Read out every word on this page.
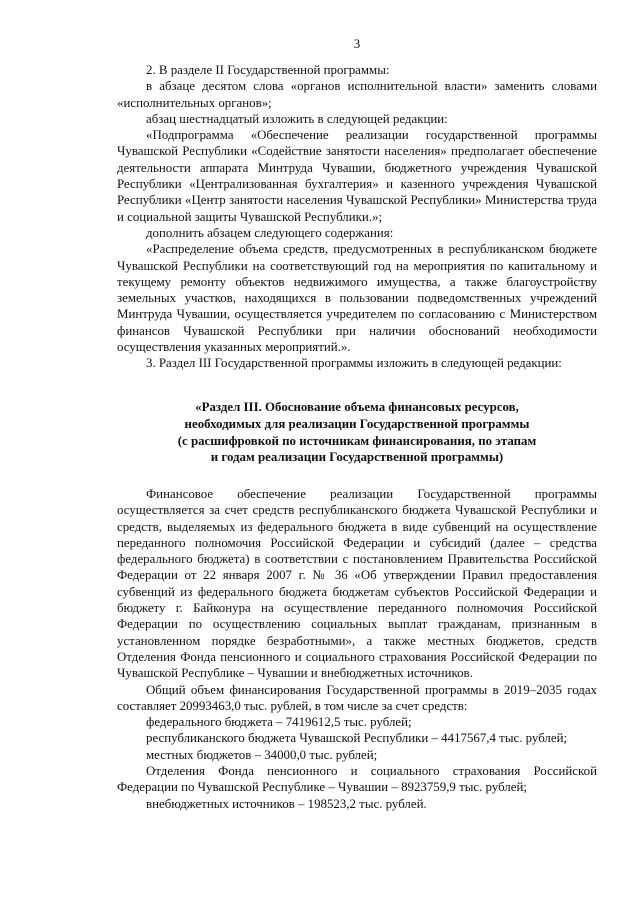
3

2. В разделе II Государственной программы:

в абзаце десятом слова «органов исполнительной власти» заменить словами «исполнительных органов»;

абзац шестнадцатый изложить в следующей редакции:

«Подпрограмма «Обеспечение реализации государственной программы Чувашской Республики «Содействие занятости населения» предполагает обеспечение деятельности аппарата Минтруда Чувашии, бюджетного учреждения Чувашской Республики «Централизованная бухгалтерия» и казенного учреждения Чувашской Республики «Центр занятости населения Чувашской Республики» Министерства труда и социальной защиты Чувашской Республики.»;

дополнить абзацем следующего содержания:

«Распределение объема средств, предусмотренных в республиканском бюджете Чувашской Республики на соответствующий год на мероприятия по капитальному и текущему ремонту объектов недвижимого имущества, а также благоустройству земельных участков, находящихся в пользовании подведомственных учреждений Минтруда Чувашии, осуществляется учредителем по согласованию с Министерством финансов Чувашской Республики при наличии обоснований необходимости осуществления указанных мероприятий.».

3. Раздел III Государственной программы изложить в следующей редакции:

«Раздел III. Обоснование объема финансовых ресурсов,
необходимых для реализации Государственной программы
(с расшифровкой по источникам финансирования, по этапам
и годам реализации Государственной программы)

Финансовое обеспечение реализации Государственной программы осуществляется за счет средств республиканского бюджета Чувашской Республики и средств, выделяемых из федерального бюджета в виде субвенций на осуществление переданного полномочия Российской Федерации и субсидий (далее – средства федерального бюджета) в соответствии с постановлением Правительства Российской Федерации от 22 января 2007 г. № 36 «Об утверждении Правил предоставления субвенций из федерального бюджета бюджетам субъектов Российской Федерации и бюджету г. Байконура на осуществление переданного полномочия Российской Федерации по осуществлению социальных выплат гражданам, признанным в установленном порядке безработными», а также местных бюджетов, средств Отделения Фонда пенсионного и социального страхования Российской Федерации по Чувашской Республике – Чувашии и внебюджетных источников.

Общий объем финансирования Государственной программы в 2019–2035 годах составляет 20993463,0 тыс. рублей, в том числе за счет средств:

федерального бюджета – 7419612,5 тыс. рублей;

республиканского бюджета Чувашской Республики – 4417567,4 тыс. рублей;

местных бюджетов – 34000,0 тыс. рублей;

Отделения Фонда пенсионного и социального страхования Российской Федерации по Чувашской Республике – Чувашии – 8923759,9 тыс. рублей;

внебюджетных источников – 198523,2 тыс. рублей.
